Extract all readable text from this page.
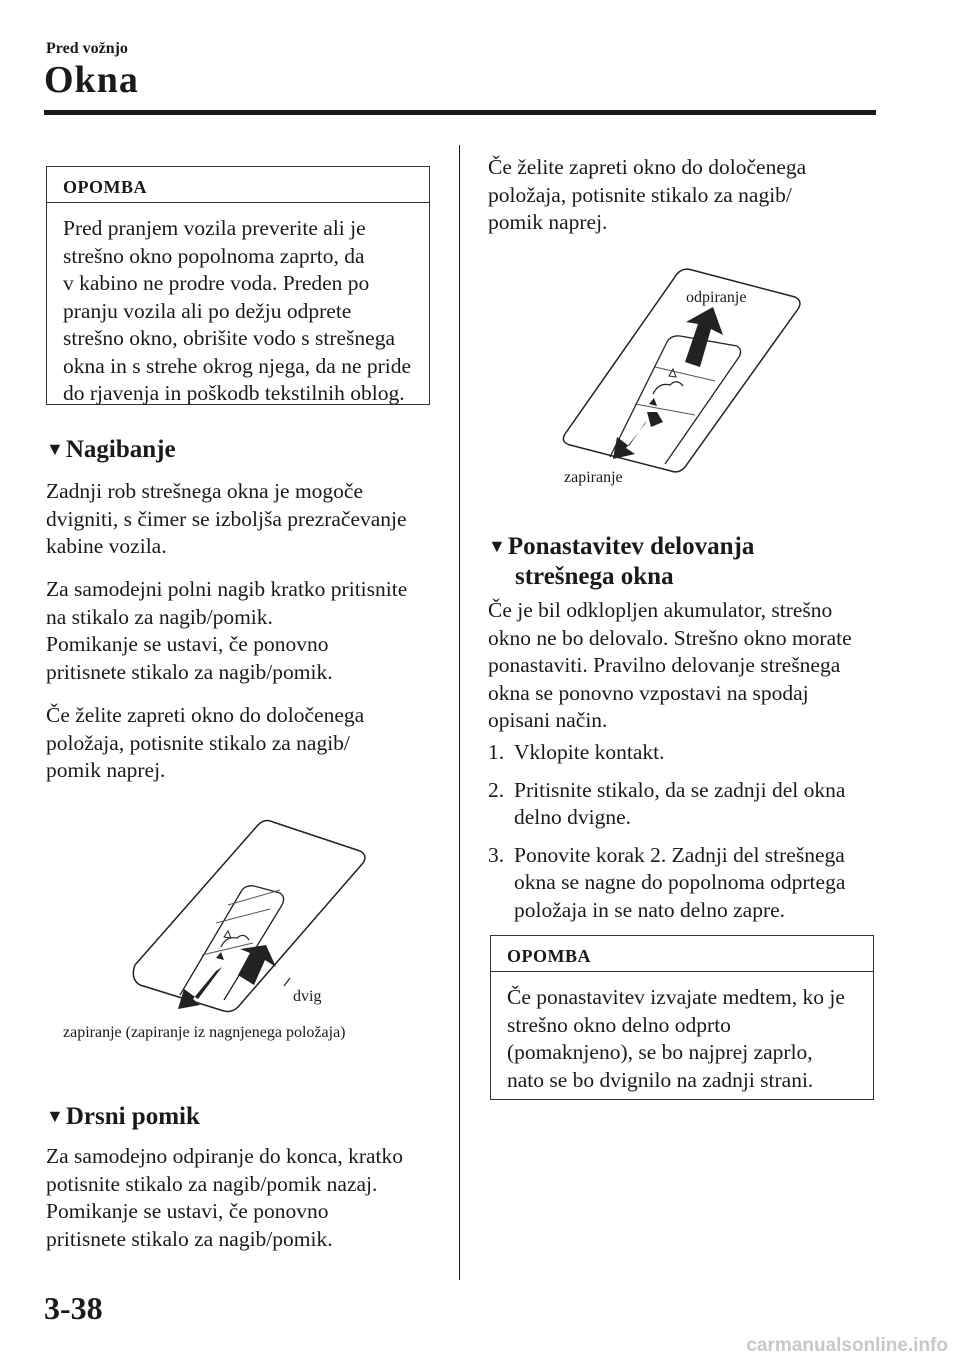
Pred vožnjo
Okna
OPOMBA
Pred pranjem vozila preverite ali je
strešno okno popolnoma zaprto, da
v kabino ne prodre voda. Preden po
pranju vozila ali po dežju odprete
strešno okno, obrišite vodo s strešnega
okna in s strehe okrog njega, da ne pride
do rjavenja in poškodb tekstilnih oblog.
▼Nagibanje
Zadnji rob strešnega okna je mogoče
dvigniti, s čimer se izboljša prezračevanje
kabine vozila.
Za samodejni polni nagib kratko pritisnite
na stikalo za nagib/pomik.
Pomikanje se ustavi, če ponovno
pritisnete stikalo za nagib/pomik.
Če želite zapreti okno do določenega
položaja, potisnite stikalo za nagib/
pomik naprej.
dvig
zapiranje (zapiranje iz nagnjenega položaja)
▼Drsni pomik
Za samodejno odpiranje do konca, kratko
potisnite stikalo za nagib/pomik nazaj.
Pomikanje se ustavi, če ponovno
pritisnete stikalo za nagib/pomik.
Če želite zapreti okno do določenega
položaja, potisnite stikalo za nagib/
pomik naprej.
odpiranje
zapiranje
▼Ponastavitev delovanja
strešnega okna
Če je bil odklopljen akumulator, strešno
okno ne bo delovalo. Strešno okno morate
ponastaviti. Pravilno delovanje strešnega
okna se ponovno vzpostavi na spodaj
opisani način.
1. Vklopite kontakt.
2. Pritisnite stikalo, da se zadnji del okna
delno dvigne.
3. Ponovite korak 2. Zadnji del strešnega
okna se nagne do popolnoma odprtega
položaja in se nato delno zapre.
OPOMBA
Če ponastavitev izvajate medtem, ko je
strešno okno delno odprto
(pomaknjeno), se bo najprej zaprlo,
nato se bo dvignilo na zadnji strani.
3-38
carmanualsonline.info
